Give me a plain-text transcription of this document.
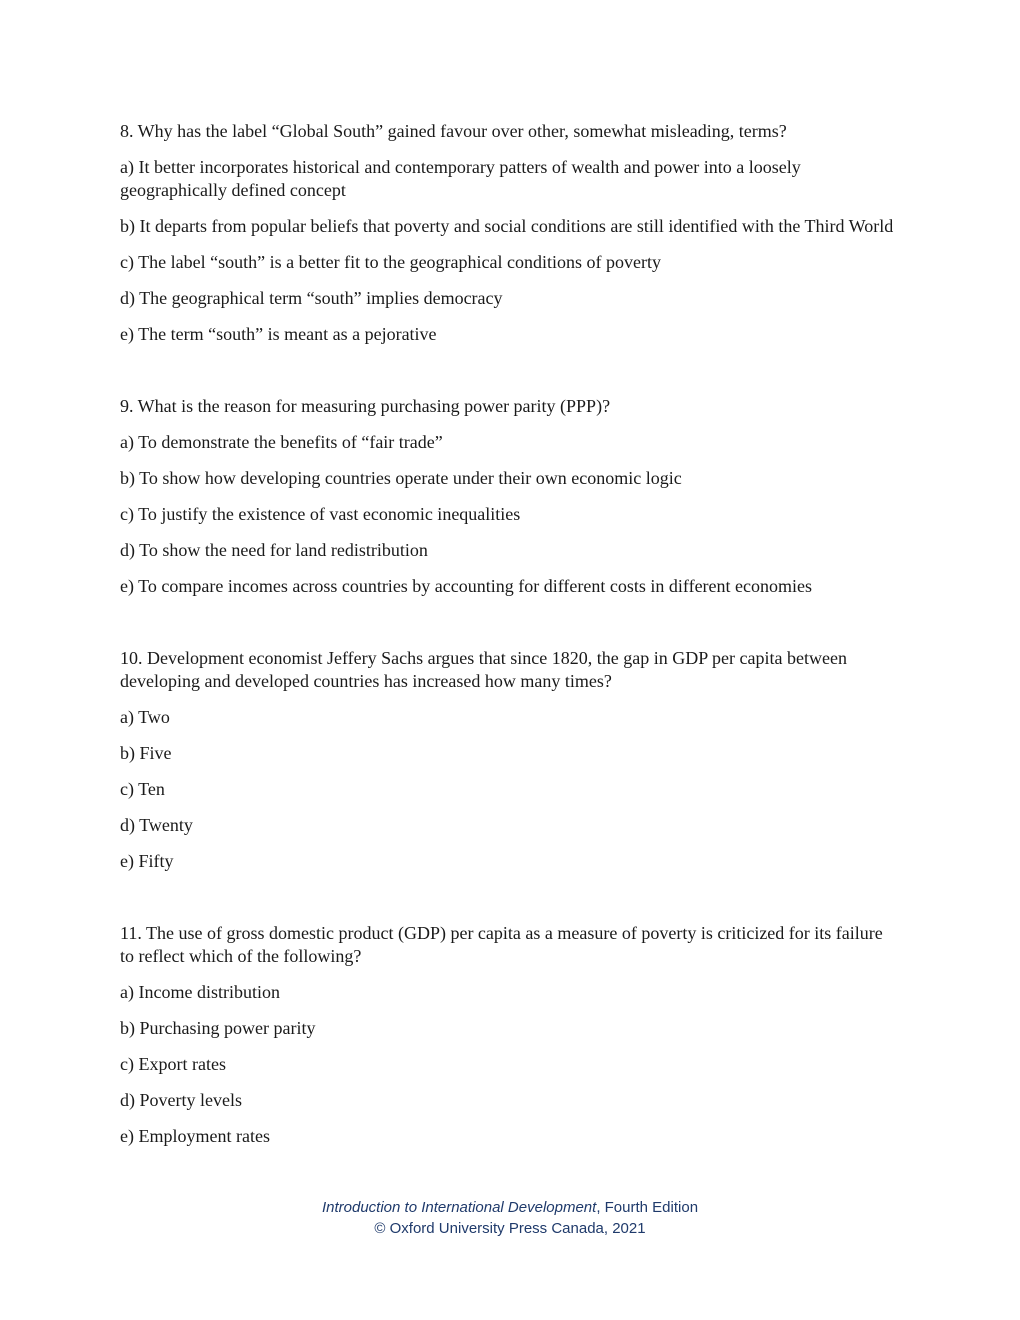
8. Why has the label “Global South” gained favour over other, somewhat misleading, terms?

a) It better incorporates historical and contemporary patters of wealth and power into a loosely geographically defined concept

b) It departs from popular beliefs that poverty and social conditions are still identified with the Third World

c) The label “south” is a better fit to the geographical conditions of poverty

d) The geographical term “south” implies democracy

e) The term “south” is meant as a pejorative

9. What is the reason for measuring purchasing power parity (PPP)?

a) To demonstrate the benefits of “fair trade”

b) To show how developing countries operate under their own economic logic

c) To justify the existence of vast economic inequalities

d) To show the need for land redistribution

e) To compare incomes across countries by accounting for different costs in different economies

10. Development economist Jeffery Sachs argues that since 1820, the gap in GDP per capita between developing and developed countries has increased how many times?

a) Two

b) Five

c) Ten

d) Twenty

e) Fifty

11. The use of gross domestic product (GDP) per capita as a measure of poverty is criticized for its failure to reflect which of the following?

a) Income distribution

b) Purchasing power parity

c) Export rates

d) Poverty levels

e) Employment rates

Introduction to International Development, Fourth Edition

© Oxford University Press Canada, 2021
